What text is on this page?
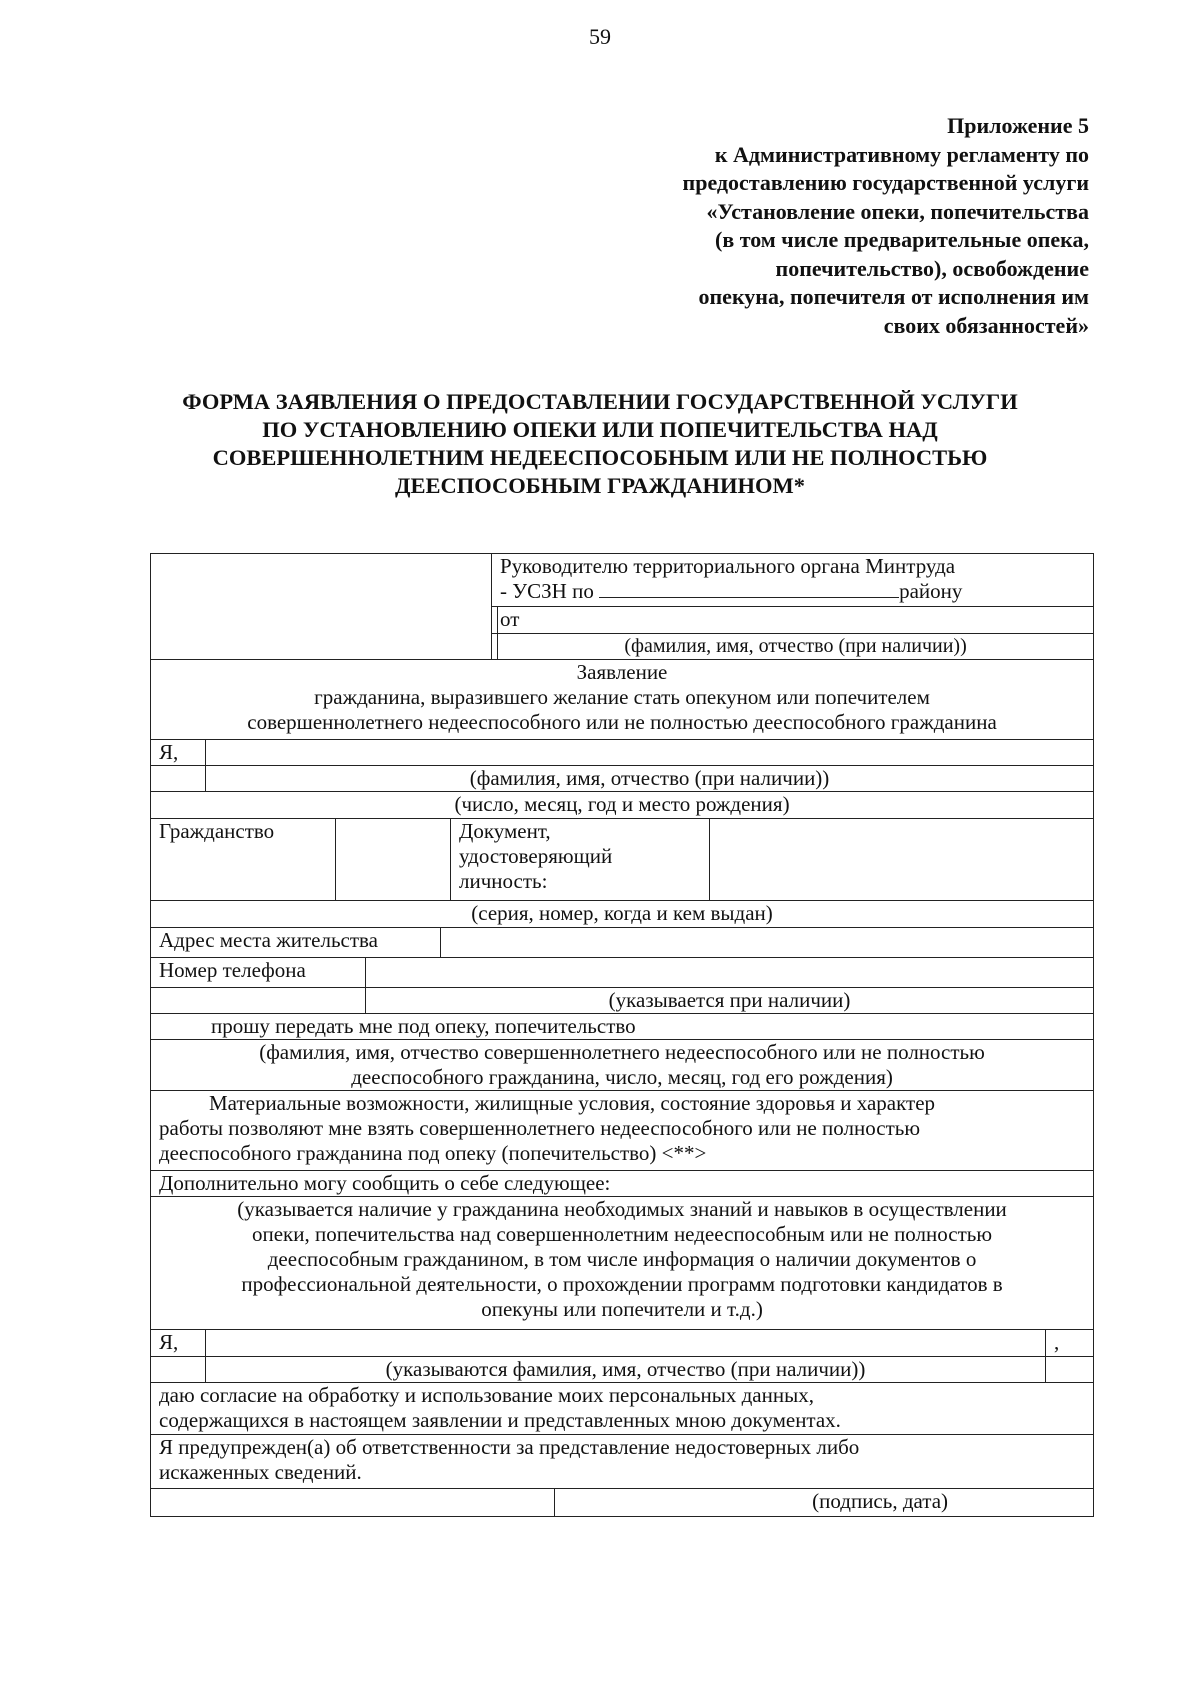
59
Приложение 5
к Административному регламенту по
предоставлению государственной услуги
«Установление опеки, попечительства
(в том числе предварительные опека,
попечительство), освобождение
опекуна, попечителя от исполнения им
своих обязанностей»
ФОРМА ЗАЯВЛЕНИЯ О ПРЕДОСТАВЛЕНИИ ГОСУДАРСТВЕННОЙ УСЛУГИ
ПО УСТАНОВЛЕНИЮ ОПЕКИ ИЛИ ПОПЕЧИТЕЛЬСТВА НАД
СОВЕРШЕННОЛЕТНИМ НЕДЕЕСПОСОБНЫМ ИЛИ НЕ ПОЛНОСТЬЮ
ДЕЕСПОСОБНЫМ ГРАЖДАНИНОМ*

						Руководителю территориального органа Минтруда
- УСЗН по району				

						от				
							(фамилия, имя, отчество (при наличии))			

Заявление
гражданина, выразившего желание стать опекуном или попечителем
совершеннолетнего недееспособного или не полностью дееспособного гражданина										

Я,										
	(фамилия, имя, отчество (при наличии))									
(число, месяц, год и место рождения)										
Гражданство					Документ,
удостоверяющий
личность:					

(серия, номер, когда и кем выдан)										
Адрес места жительства										
Номер телефона										
			(указывается при наличии)							
прошу передать мне под опеку, попечительство										

(фамилия, имя, отчество совершеннолетнего недееспособного или не полностью
дееспособного гражданина, число, месяц, год его рождения)										

Материальные возможности, жилищные условия, состояние здоровья и характер
работы позволяют мне взять совершеннолетнего недееспособного или не полностью
дееспособного гражданина под опеку (попечительство) <**>										

Дополнительно могу сообщить о себе следующее:										

(указывается наличие у гражданина необходимых знаний и навыков в осуществлении
опеки, попечительства над совершеннолетним недееспособным или не полностью
дееспособным гражданином, в том числе информация о наличии документов о
профессиональной деятельности, о прохождении программ подготовки кандидатов в
опекуны или попечители и т.д.)										

Я,										,
	(указываются фамилия, имя, отчество (при наличии))									

даю согласие на обработку и использование моих персональных данных,
содержащихся в настоящем заявлении и представленных мною документах.										

Я предупрежден(а) об ответственности за представление недостоверных либо
искаженных сведений.										

								(подпись, дата)		
